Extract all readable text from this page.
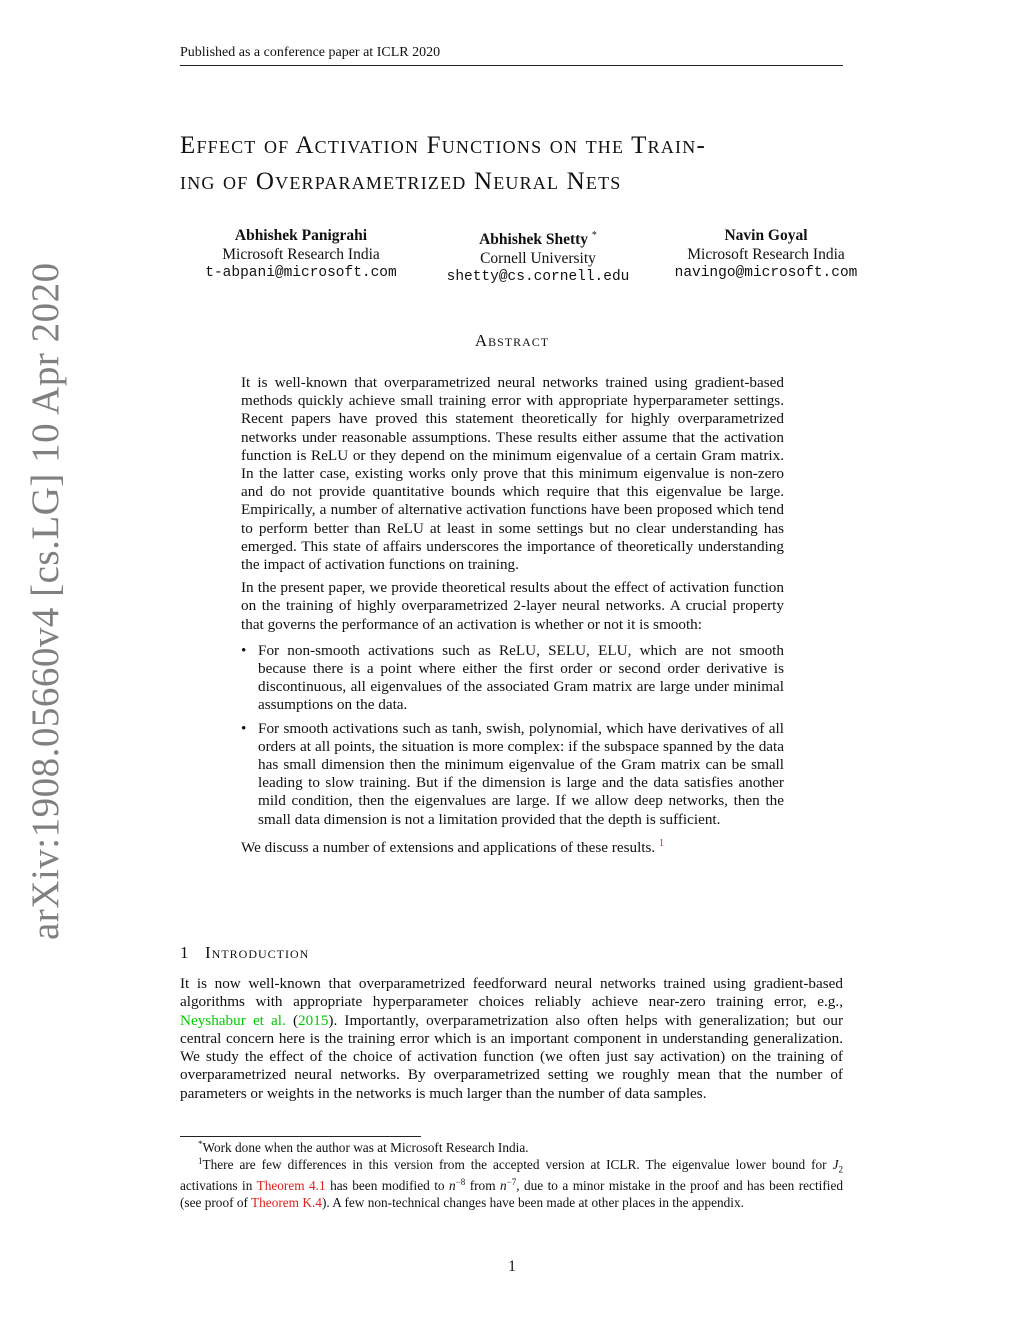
Published as a conference paper at ICLR 2020
arXiv:1908.05660v4 [cs.LG] 10 Apr 2020
Effect of Activation Functions on the Train-
ing of Overparametrized Neural Nets
Abhishek Panigrahi
Microsoft Research India
t-abpani@microsoft.com
Abhishek Shetty *
Cornell University
shetty@cs.cornell.edu
Navin Goyal
Microsoft Research India
navingo@microsoft.com
Abstract

It is well-known that overparametrized neural networks trained using gradient-based methods quickly achieve small training error with appropriate hyperparameter settings. Recent papers have proved this statement theoretically for highly overparametrized networks under reasonable assumptions. These results either assume that the activation function is ReLU or they depend on the minimum eigenvalue of a certain Gram matrix. In the latter case, existing works only prove that this minimum eigenvalue is non-zero and do not provide quantitative bounds which require that this eigenvalue be large. Empirically, a number of alternative activation functions have been proposed which tend to perform better than ReLU at least in some settings but no clear understanding has emerged. This state of affairs underscores the importance of theoretically understanding the impact of activation functions on training.

In the present paper, we provide theoretical results about the effect of activation function on the training of highly overparametrized 2-layer neural networks. A crucial property that governs the performance of an activation is whether or not it is smooth:

• For non-smooth activations such as ReLU, SELU, ELU, which are not smooth because there is a point where either the first order or second order derivative is discontinuous, all eigenvalues of the associated Gram matrix are large under minimal assumptions on the data.
• For smooth activations such as tanh, swish, polynomial, which have derivatives of all orders at all points, the situation is more complex: if the subspace spanned by the data has small dimension then the minimum eigenvalue of the Gram matrix can be small leading to slow training. But if the dimension is large and the data satisfies another mild condition, then the eigenvalues are large. If we allow deep networks, then the small data dimension is not a limitation provided that the depth is sufficient.

We discuss a number of extensions and applications of these results. $^1$

1 Introduction

It is now well-known that overparametrized feedforward neural networks trained using gradient-based algorithms with appropriate hyperparameter choices reliably achieve near-zero training error, e.g., Neyshabur et al. (2015). Importantly, overparametrization also often helps with generalization; but our central concern here is the training error which is an important component in understanding generalization. We study the effect of the choice of activation function (we often just say activation) on the training of overparametrized neural networks. By overparametrized setting we roughly mean that the number of parameters or weights in the networks is much larger than the number of data samples.

*Work done when the author was at Microsoft Research India.

$^1$There are few differences in this version from the accepted version at ICLR. The eigenvalue lower bound for $J_2$ activations in Theorem 4.1 has been modified to $n^{-8}$ from $n^{-7}$, due to a minor mistake in the proof and has been rectified (see proof of Theorem K.4). A few non-technical changes have been made at other places in the appendix.

1
